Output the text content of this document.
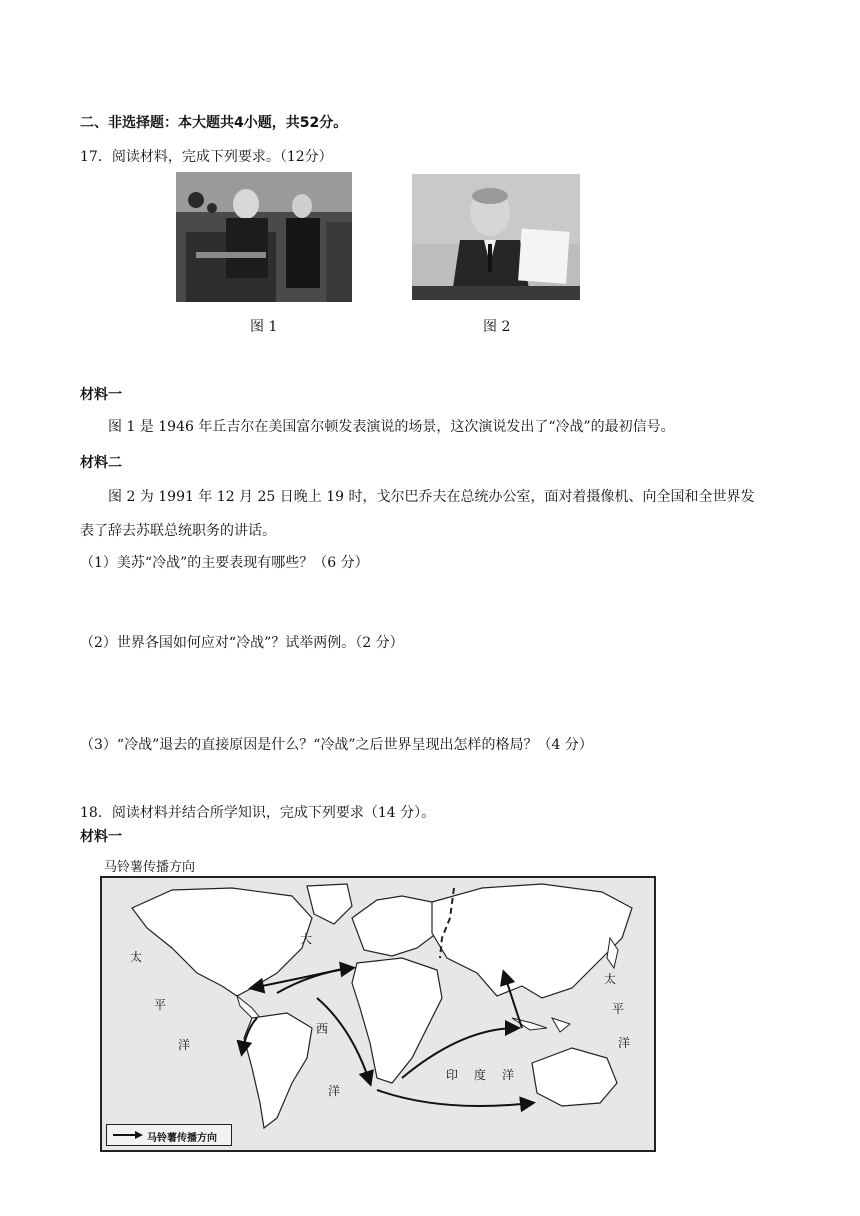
二、非选择题：本大题共4小题，共52分。
17．阅读材料，完成下列要求。（12分）
图 1	图 2
材料一
图 1 是 1946 年丘吉尔在美国富尔顿发表演说的场景，这次演说发出了“冷战”的最初信号。
材料二
图 2 为 1991 年 12 月 25 日晚上 19 时，戈尔巴乔夫在总统办公室，面对着摄像机、向全国和全世界发
表了辞去苏联总统职务的讲话。
（1）美苏“冷战”的主要表现有哪些？（6 分）
（2）世界各国如何应对“冷战”？试举两例。（2 分）
（3）“冷战”退去的直接原因是什么？“冷战”之后世界呈现出怎样的格局？（4 分）
18．阅读材料并结合所学知识，完成下列要求（14 分）。
材料一
马铃薯传播方向
太
平
洋
大
西
洋
印 度 洋
太
平
洋
马铃薯传播方向
